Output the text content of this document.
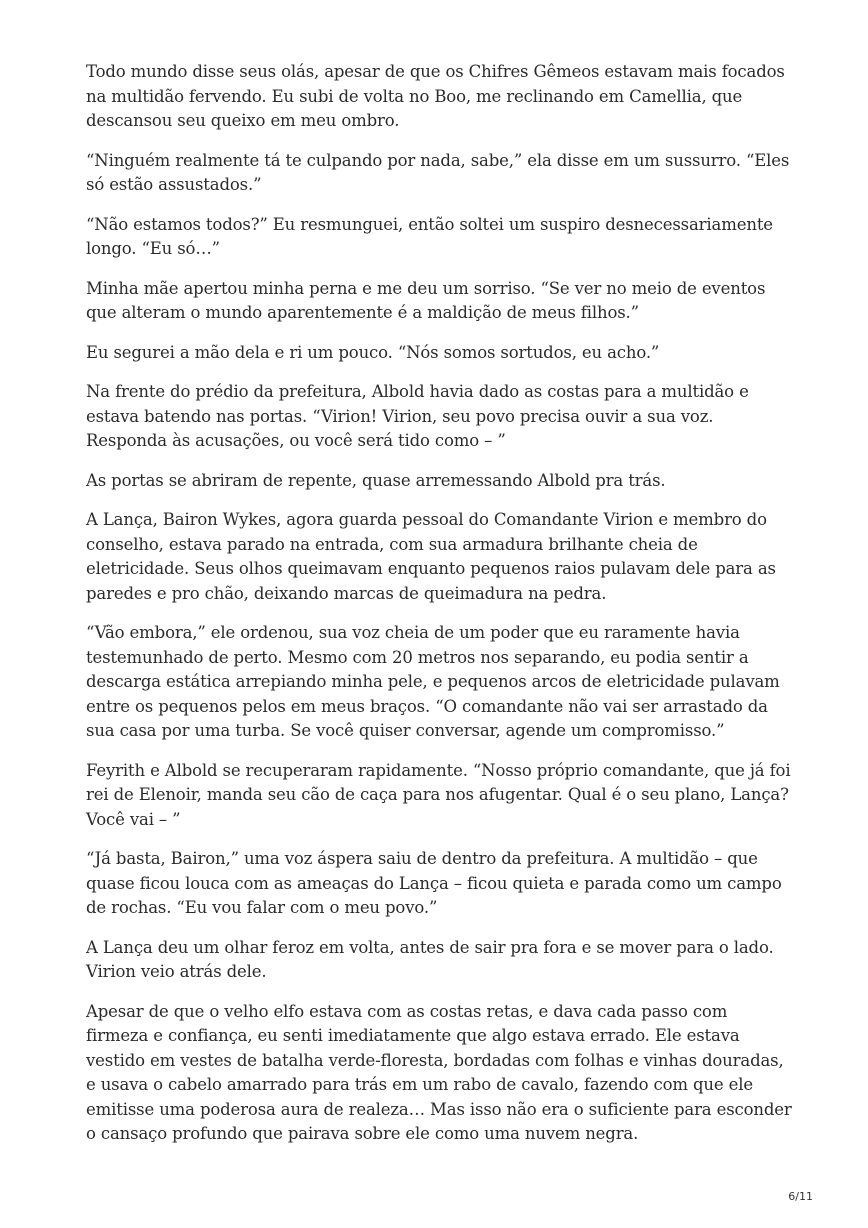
Todo mundo disse seus olás, apesar de que os Chifres Gêmeos estavam mais focados na multidão fervendo. Eu subi de volta no Boo, me reclinando em Camellia, que descansou seu queixo em meu ombro.

“Ninguém realmente tá te culpando por nada, sabe,” ela disse em um sussurro. “Eles só estão assustados.”

“Não estamos todos?” Eu resmunguei, então soltei um suspiro desnecessariamente longo. “Eu só…”

Minha mãe apertou minha perna e me deu um sorriso. “Se ver no meio de eventos que alteram o mundo aparentemente é a maldição de meus filhos.”

Eu segurei a mão dela e ri um pouco. “Nós somos sortudos, eu acho.”

Na frente do prédio da prefeitura, Albold havia dado as costas para a multidão e estava batendo nas portas. “Virion! Virion, seu povo precisa ouvir a sua voz. Responda às acusações, ou você será tido como – ”

As portas se abriram de repente, quase arremessando Albold pra trás.

A Lança, Bairon Wykes, agora guarda pessoal do Comandante Virion e membro do conselho, estava parado na entrada, com sua armadura brilhante cheia de eletricidade. Seus olhos queimavam enquanto pequenos raios pulavam dele para as paredes e pro chão, deixando marcas de queimadura na pedra.

“Vão embora,” ele ordenou, sua voz cheia de um poder que eu raramente havia testemunhado de perto. Mesmo com 20 metros nos separando, eu podia sentir a descarga estática arrepiando minha pele, e pequenos arcos de eletricidade pulavam entre os pequenos pelos em meus braços. “O comandante não vai ser arrastado da sua casa por uma turba. Se você quiser conversar, agende um compromisso.”

Feyrith e Albold se recuperaram rapidamente. “Nosso próprio comandante, que já foi rei de Elenoir, manda seu cão de caça para nos afugentar. Qual é o seu plano, Lança? Você vai – ”

“Já basta, Bairon,” uma voz áspera saiu de dentro da prefeitura. A multidão – que quase ficou louca com as ameaças do Lança – ficou quieta e parada como um campo de rochas. “Eu vou falar com o meu povo.”

A Lança deu um olhar feroz em volta, antes de sair pra fora e se mover para o lado. Virion veio atrás dele.

Apesar de que o velho elfo estava com as costas retas, e dava cada passo com firmeza e confiança, eu senti imediatamente que algo estava errado. Ele estava vestido em vestes de batalha verde-floresta, bordadas com folhas e vinhas douradas, e usava o cabelo amarrado para trás em um rabo de cavalo, fazendo com que ele emitisse uma poderosa aura de realeza… Mas isso não era o suficiente para esconder o cansaço profundo que pairava sobre ele como uma nuvem negra.

6/11
